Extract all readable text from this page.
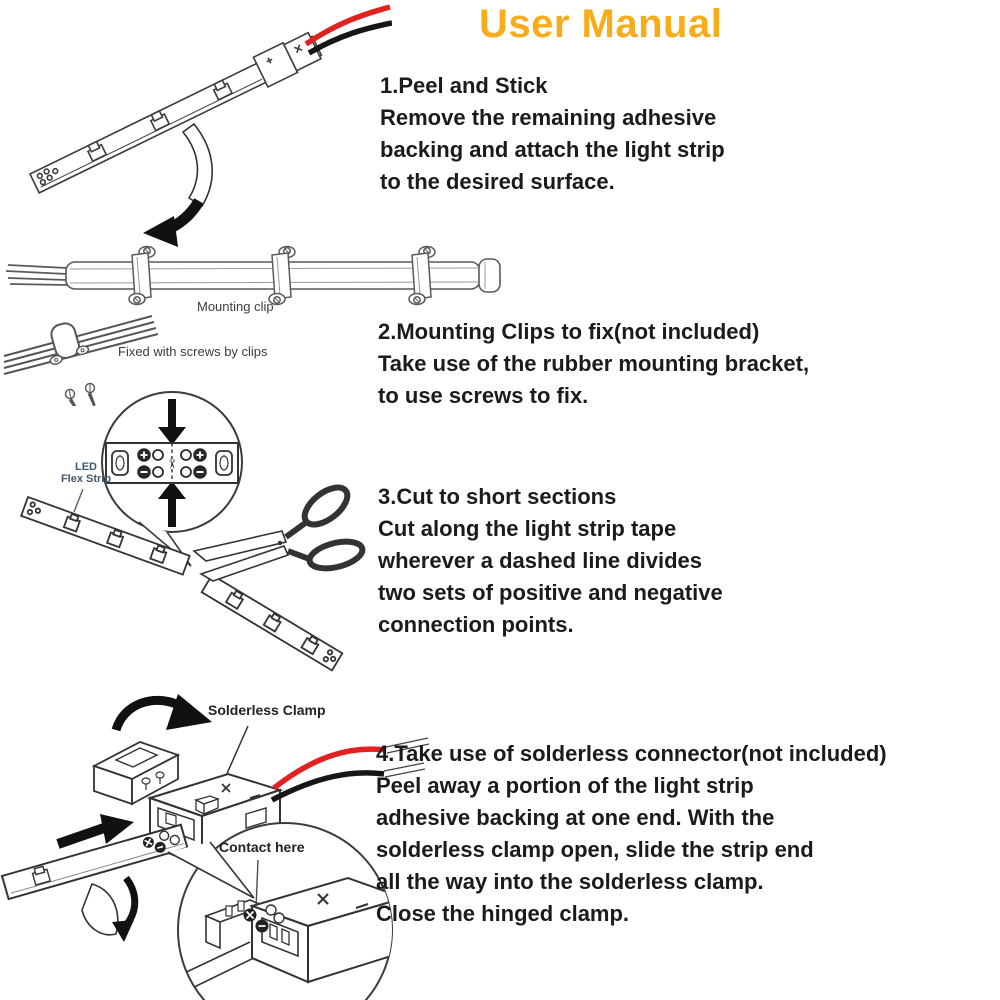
User Manual
1.Peel and Stick
Remove the remaining adhesive
backing and attach the light strip
to the desired surface.
Mounting clip
Fixed with screws by clips
2.Mounting Clips to fix(not included)
Take use of the rubber mounting bracket,
to use screws to fix.
✂
LED
Flex Strip
3.Cut to short sections
Cut along the light strip tape
wherever a dashed line divides
two sets of positive and negative
connection points.
Solderless Clamp
Contact here
4.Take use of solderless connector(not included)
Peel away a portion of the light strip
adhesive backing at one end. With the
solderless clamp open, slide the strip end
all the way into the solderless clamp.
Close the hinged clamp.
